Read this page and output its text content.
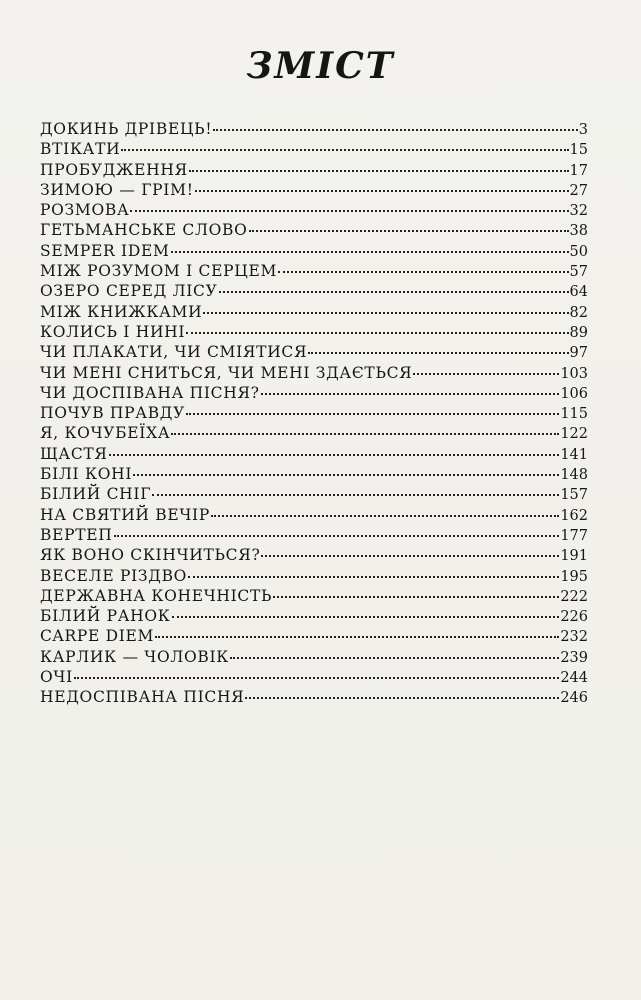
ЗМІСТ
ДОКИНЬ ДРІВЕЦЬ!	3
ВТІКАТИ	15
ПРОБУДЖЕННЯ	17
ЗИМОЮ — ГРІМ!	27
РОЗМОВА	32
ГЕТЬМАНСЬКЕ СЛОВО	38
SEMPER IDEM	50
МІЖ РОЗУМОМ І СЕРЦЕМ	57
ОЗЕРО СЕРЕД ЛІСУ	64
МІЖ КНИЖКАМИ	82
КОЛИСЬ І НИНІ	89
ЧИ ПЛАКАТИ, ЧИ СМІЯТИСЯ	97
ЧИ МЕНІ СНИТЬСЯ, ЧИ МЕНІ ЗДАЄТЬСЯ	103
ЧИ ДОСПІВАНА ПІСНЯ?	106
ПОЧУВ ПРАВДУ	115
Я, КОЧУБЕЇХА	122
ЩАСТЯ	141
БІЛІ КОНІ	148
БІЛИЙ СНІГ	157
НА СВЯТИЙ ВЕЧІР	162
ВЕРТЕП	177
ЯК ВОНО СКІНЧИТЬСЯ?	191
ВЕСЕЛЕ РІЗДВО	195
ДЕРЖАВНА КОНЕЧНІСТЬ	222
БІЛИЙ РАНОК	226
CARPE DIEM	232
КАРЛИК — ЧОЛОВІК	239
ОЧІ	244
НЕДОСПІВАНА ПІСНЯ	246
